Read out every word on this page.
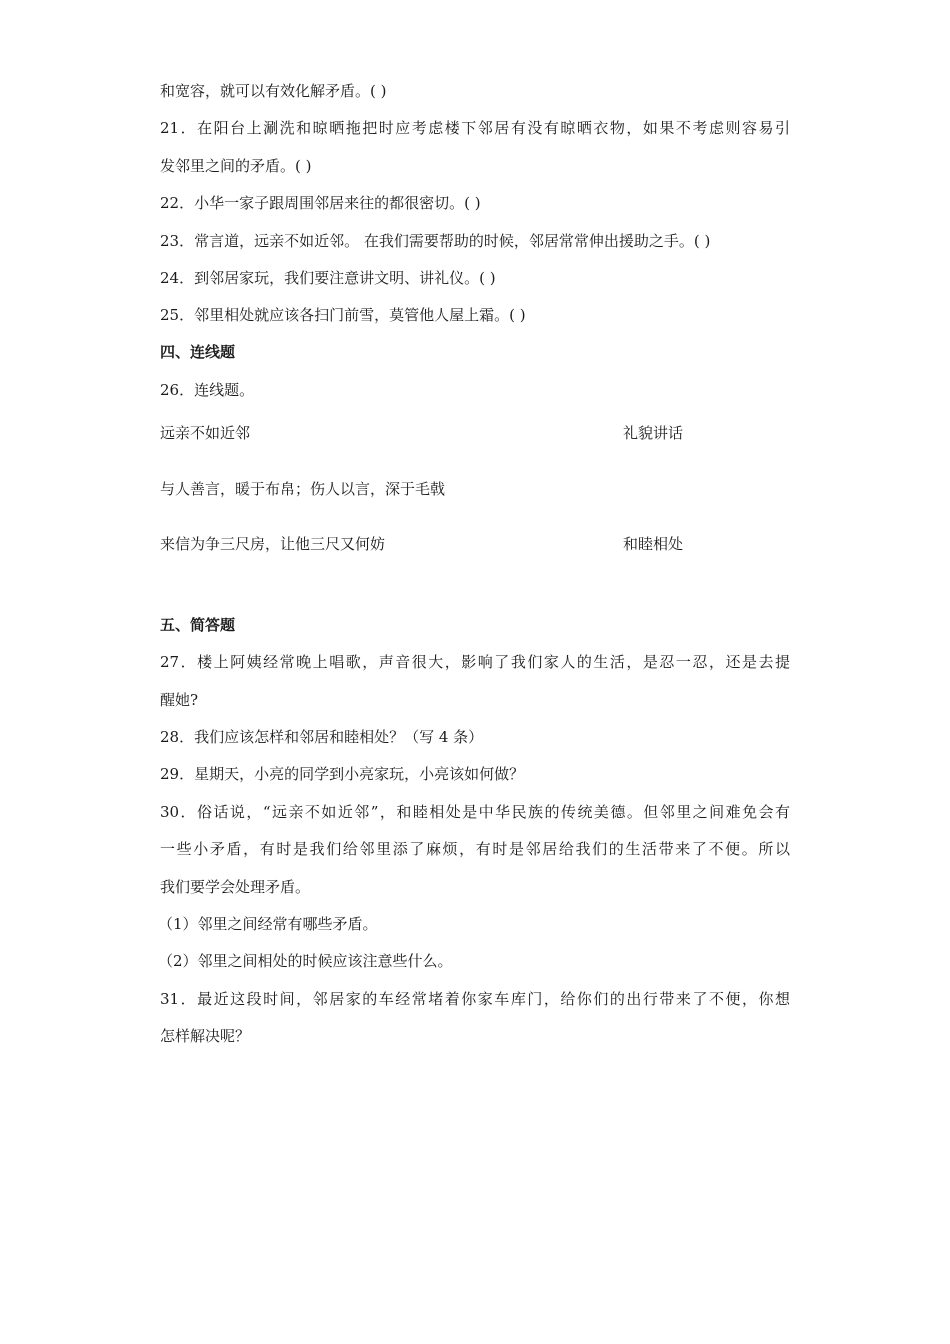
和宽容，就可以有效化解矛盾。( )
21．在阳台上涮洗和晾晒拖把时应考虑楼下邻居有没有晾晒衣物，如果不考虑则容易引
发邻里之间的矛盾。( )
22．小华一家子跟周围邻居来往的都很密切。( )
23．常言道，远亲不如近邻。 在我们需要帮助的时候，邻居常常伸出援助之手。( )
24．到邻居家玩，我们要注意讲文明、讲礼仪。( )
25．邻里相处就应该各扫门前雪，莫管他人屋上霜。( )
四、连线题
26．连线题。
远亲不如近邻	礼貌讲话
与人善言，暖于布帛；伤人以言，深于毛戟
来信为争三尺房，让他三尺又何妨	和睦相处
五、简答题
27．楼上阿姨经常晚上唱歌，声音很大，影响了我们家人的生活，是忍一忍，还是去提
醒她?
28．我们应该怎样和邻居和睦相处？（写 4 条）
29．星期天，小亮的同学到小亮家玩，小亮该如何做？
30．俗话说，“远亲不如近邻”，和睦相处是中华民族的传统美德。但邻里之间难免会有
一些小矛盾，有时是我们给邻里添了麻烦，有时是邻居给我们的生活带来了不便。所以
我们要学会处理矛盾。
（1）邻里之间经常有哪些矛盾。
（2）邻里之间相处的时候应该注意些什么。
31．最近这段时间，邻居家的车经常堵着你家车库门，给你们的出行带来了不便，你想
怎样解决呢？
